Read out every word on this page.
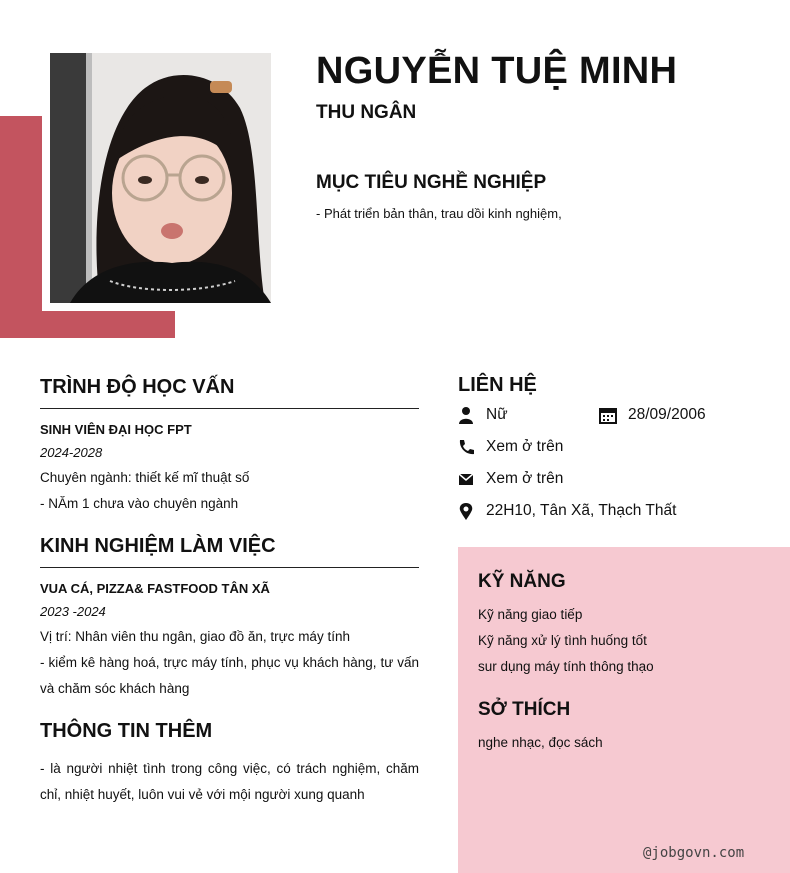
NGUYỄN TUỆ MINH
THU NGÂN
MỤC TIÊU NGHỀ NGHIỆP
- Phát triển bản thân, trau dồi kinh nghiệm,
TRÌNH ĐỘ HỌC VẤN
SINH VIÊN ĐẠI HỌC FPT
2024-2028
Chuyên ngành: thiết kế mĩ thuật số
- NĂm 1 chưa vào chuyên ngành
KINH NGHIỆM LÀM VIỆC
VUA CÁ, PIZZA& FASTFOOD TÂN XÃ
2023 -2024
Vị trí: Nhân viên thu ngân, giao đồ ăn, trực máy tính
- kiểm kê hàng hoá, trực máy tính, phục vụ khách hàng, tư vấn và chăm sóc khách hàng
THÔNG TIN THÊM
- là người nhiệt tình trong công việc, có trách nghiệm, chăm chỉ, nhiệt huyết, luôn vui vẻ với mội người xung quanh
LIÊN HỆ
Nữ	28/09/2006
Xem ở trên
Xem ở trên
22H10, Tân Xã, Thạch Thất
KỸ NĂNG
Kỹ năng giao tiếp
Kỹ năng xử lý tình huống tốt
sur dụng máy tính thông thạo
SỞ THÍCH
nghe nhạc, đọc sách
@jobgovn.com
